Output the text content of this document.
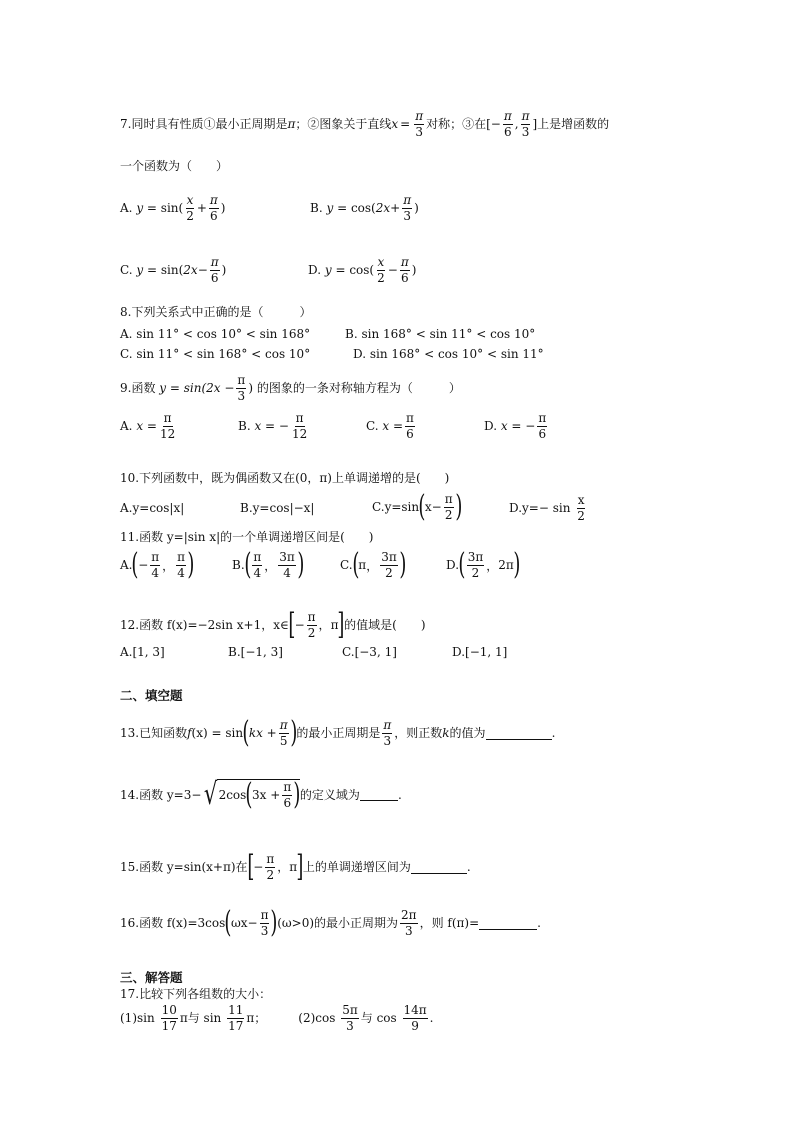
7. 同时具有性质①最小正周期是 π ；②图象关于直线 $x = \frac{\pi}{3}$ 对称；③在 [− $\frac{\pi}{6}$ ,
π
3
] 上是增函数的
一个函数为（　　）
A.
y = sin(
x
2
+ $\frac{\pi}{6}$ )	B.
y = cos( $2x + \frac{\pi}{3}$ )
C.
y = sin( $2x - \frac{\pi}{6}$ )	D.
y = cos(
x
2
− $\frac{\pi}{6}$ )
8.下列关系式中正确的是（　　　）
A. sin 11° < cos 10° < sin 168°	B. sin 168° < sin 11° < cos 10°
C. sin 11° < sin 168° < cos 10°	D. sin 168° < cos 10° < sin 11°
9.函数
$y = \sin(2x - \frac{\pi}{3}$ )
的图象的一条对称轴方程为（　　　）
A.
$x = \frac{\pi}{12}$	B.
x = − $\frac{\pi}{12}$	C.
$x = \frac{\pi}{6}$	D.
x = − $\frac{\pi}{6}$
10.下列函数中，既为偶函数又在(0，π)上单调递增的是(　　)
A.y=cos|x|	B.y=cos|−x|	C.y=sin ( $x- \frac{\pi}{2}$ )	D.y=− sin

x
2
11.函数 y=|sin x|的一个单调递增区间是(　　)
A. ( − $\frac{\pi}{4}$ ，
π
4 )	B. ( π
4 ，
3π
4 )	C. ( π ，
3π
2 )	D. ( 3π
2 ， 2π )
12.函数 f(x)=−2sin x+1，x∈ [ − $\frac{\pi}{2}$ ， π ] 的值域是(　　)
A.[1, 3]	B.[−1, 3]	C.[−3, 1]	D.[−1, 1]
二、填空题
13.已知函数 f (x) = sin ( kx + $\frac{\pi}{5}$ ) 的最小正周期是
π
3
，则正数 k 的值为	.
14.函数 y=3− √ 2cos ( $3x + \frac{\pi}{6}$ ) 的定义域为	.
15.函数 y=sin(x+π)在 [ − $\frac{\pi}{2}$ ， π ] 上的单调递增区间为	.
16.函数 f(x)=3cos ( $\omega x- \frac{\pi}{3}$ ) (ω>0)的最小正周期为
2π
3
，则 f(π)=	.
三、解答题
17.比较下列各组数的大小：
(1)sin

10
17
π 与 sin

11
17
π ；	(2)cos

5π
3
与 cos

14π
9
.
